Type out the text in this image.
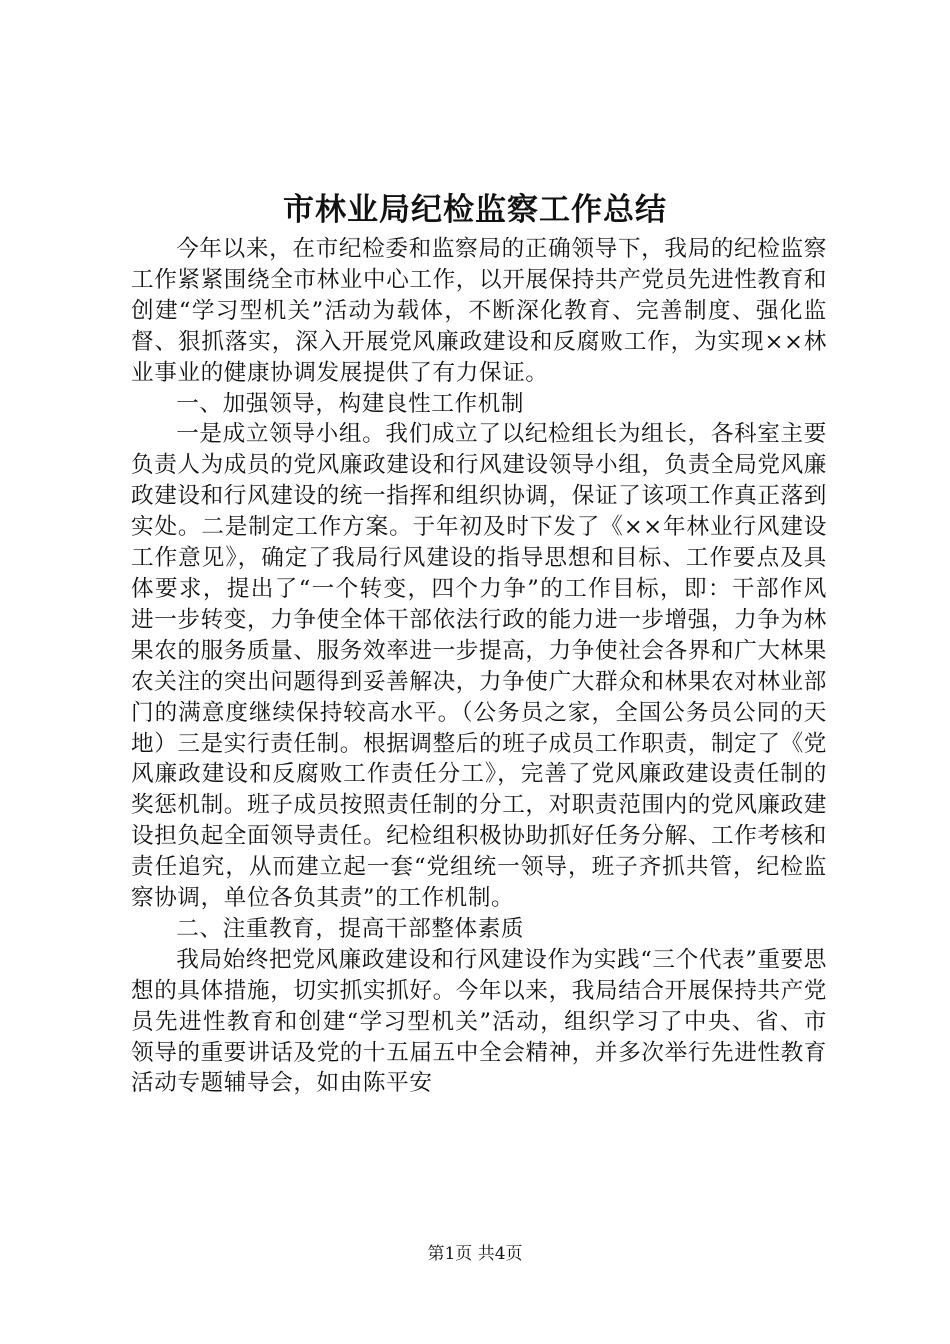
市林业局纪检监察工作总结

今年以来，在市纪检委和监察局的正确领导下，我局的纪检监察工作紧紧围绕全市林业中心工作，以开展保持共产党员先进性教育和创建“学习型机关”活动为载体，不断深化教育、完善制度、强化监督、狠抓落实，深入开展党风廉政建设和反腐败工作，为实现××林业事业的健康协调发展提供了有力保证。

一、加强领导，构建良性工作机制

一是成立领导小组。我们成立了以纪检组长为组长，各科室主要负责人为成员的党风廉政建设和行风建设领导小组，负责全局党风廉政建设和行风建设的统一指挥和组织协调，保证了该项工作真正落到实处。二是制定工作方案。于年初及时下发了《××年林业行风建设工作意见》，确定了我局行风建设的指导思想和目标、工作要点及具体要求，提出了“一个转变，四个力争”的工作目标，即：干部作风进一步转变，力争使全体干部依法行政的能力进一步增强，力争为林果农的服务质量、服务效率进一步提高，力争使社会各界和广大林果农关注的突出问题得到妥善解决，力争使广大群众和林果农对林业部门的满意度继续保持较高水平。（公务员之家，全国公务员公同的天地）三是实行责任制。根据调整后的班子成员工作职责，制定了《党风廉政建设和反腐败工作责任分工》，完善了党风廉政建设责任制的奖惩机制。班子成员按照责任制的分工，对职责范围内的党风廉政建设担负起全面领导责任。纪检组积极协助抓好任务分解、工作考核和责任追究，从而建立起一套“党组统一领导，班子齐抓共管，纪检监察协调，单位各负其责”的工作机制。

二、注重教育，提高干部整体素质

我局始终把党风廉政建设和行风建设作为实践“三个代表”重要思想的具体措施，切实抓实抓好。今年以来，我局结合开展保持共产党员先进性教育和创建“学习型机关”活动，组织学习了中央、省、市领导的重要讲话及党的十五届五中全会精神，并多次举行先进性教育活动专题辅导会，如由陈平安

第1页 共4页
